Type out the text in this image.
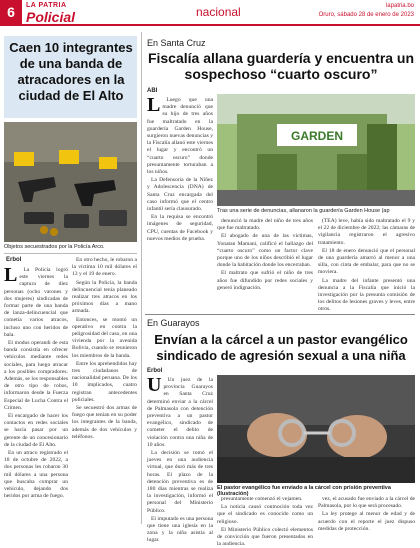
6	LA PATRIA
Policial	nacional	lapatria.bo
Oruro, sábado 28 de enero de 2023
Caen 10 integrantes de una banda de atracadores en la ciudad de El Alto
Objetos secuestrados por la Policía Arco.
Erbol
L	La Policía logró este viernes la captura de diez personas (ocho varones y dos mujeres) sindicadas de formar parte de una banda de lanza-delincuencial que cometía varios atracos, incluso uno con heridos de bala.

El modus operandi de esta banda consistía en ofrecer vehículos mediante redes sociales, para luego atracar a los posibles compradores. Además, se los responsables de otro tipo de robos, informaron desde la Fuerza Especial de Lucha Contra el Crimen.

El encargado de hacer los contactos en redes sociales se hacía pasar por un gerente de un concesionario de la ciudad de El Alto.

En un atraco registrado el 18 de octubre de 2022, a dos personas les robaron 30 mil dólares a una persona que buscaba comprar un vehículo, dejando dos heridos por arma de fuego.

En otro hecho, le robaron a la víctima 10 mil dólares el 13 y el 19 de enero.

Según la Policía, la banda delincuencial tenía planeado realizar tres atracos en los próximos días a mano armada.

Entonces, se montó un operativo en contra la peligrosidad del caso, en una vivienda por la avenida Bolivia, cuando se reunieron los miembros de la banda.

Entre los aprehendidos hay tres ciudadanos de nacionalidad peruana. De los 10 implicados, cuatro registran antecedentes policiales.

Se secuestró dos armas de fuego que tenían en su poder los integrantes de la banda, además de dos vehículos y teléfonos.

En Santa Cruz
Fiscalía allana guardería y encuentra un sospechoso “cuarto oscuro”
ABI
L	Luego que una madre denunció que su hijo de tres años fue maltratado en la guardería Garden House, surgieron nuevas denuncias y la Fiscalía allanó este viernes el lugar y encontró un “cuarto oscuro” donde presuntamente torturaban a los niños.

La Defensoría de la Niñez y Adolescencia (DNA) de Santa Cruz encargada del caso informó que el centro infantil sería clausurado.

En la requisa se encontró imágenes de seguridad, CPU, cuentas de Facebook y nuevos medios de prueba.

GARDEN
Tras una serie de denuncias, allanaron la guardería Garden House (ap

denunció la madre del niño de tres años que fue maltratado.

El abogado de una de las víctimas, Yonatan Mamani, calificó el hallazgo del “cuarto oscuro” como un factor clave porque uno de los niños describió el lugar donde la habitación donde los encerraban.

El maltrato que sufrió el niño de tres años fue difundido por redes sociales y generó indignación.

(TEA) leve, había sido maltratado el 9 y el 22 de diciembre de 2022; las cámaras de vigilancia registraron el agresivo tratamiento.

El 18 de enero denunció que el personal de una guardería amarró al menor a una silla, con cinta de embalar, para que no se moviera.

La madre del infante presentó una denuncia a la Fiscalía que inició la investigación por la presunta comisión de los delitos de lesiones graves y leves, entre otros.

En Guarayos
Envían a la cárcel a un pastor evangélico sindicado de agresión sexual a una niña
Erbol
U	Un juez de la provincia Guarayos en Santa Cruz determinó enviar a la cárcel de Palmasola con detención preventiva a un pastor evangélico, sindicado de cometer el delito de violación contra una niña de 10 años.

La decisión se tomó el jueves en una audiencia virtual, que duró más de tres horas. El plazo de la detención preventiva es de 180 días mientras se realiza la investigación, informó el personal del Ministerio Público.

El imputado es una persona que tiene una iglesia en la zona y la niña asistía al lugar.

El pastor evangélico fue enviado a la cárcel con prisión preventiva (Ilustración)

presuntamente comenzó el vejamen.

La noticia causó conmoción toda vez que el sindicado es conocido como un religioso.

El Ministerio Público colectó elementos de convicción que fueron presentados en la audiencia.

vez, el acusado fue enviado a la cárcel de Palmasola, por lo que será procesado.

La ley protege al menor de edad y de acuerdo con el reporte el juez dispuso medidas de protección.
